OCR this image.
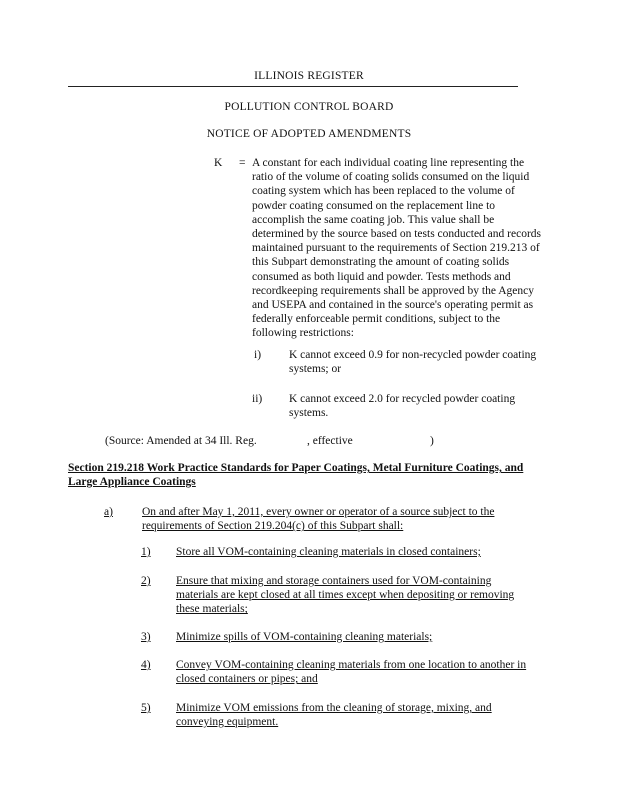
ILLINOIS REGISTER
POLLUTION CONTROL BOARD
NOTICE OF ADOPTED AMENDMENTS
K = A constant for each individual coating line representing the ratio of the volume of coating solids consumed on the liquid coating system which has been replaced to the volume of powder coating consumed on the replacement line to accomplish the same coating job. This value shall be determined by the source based on tests conducted and records maintained pursuant to the requirements of Section 219.213 of this Subpart demonstrating the amount of coating solids consumed as both liquid and powder. Tests methods and recordkeeping requirements shall be approved by the Agency and USEPA and contained in the source's operating permit as federally enforceable permit conditions, subject to the following restrictions:
i) K cannot exceed 0.9 for non-recycled powder coating systems; or
ii) K cannot exceed 2.0 for recycled powder coating systems.
(Source: Amended at 34 Ill. Reg.	, effective	)
Section 219.218 Work Practice Standards for Paper Coatings, Metal Furniture Coatings, and Large Appliance Coatings
a)	On and after May 1, 2011, every owner or operator of a source subject to the requirements of Section 219.204(c) of this Subpart shall:
1) Store all VOM-containing cleaning materials in closed containers;
2) Ensure that mixing and storage containers used for VOM-containing materials are kept closed at all times except when depositing or removing these materials;
3) Minimize spills of VOM-containing cleaning materials;
4) Convey VOM-containing cleaning materials from one location to another in closed containers or pipes; and
5) Minimize VOM emissions from the cleaning of storage, mixing, and conveying equipment.
